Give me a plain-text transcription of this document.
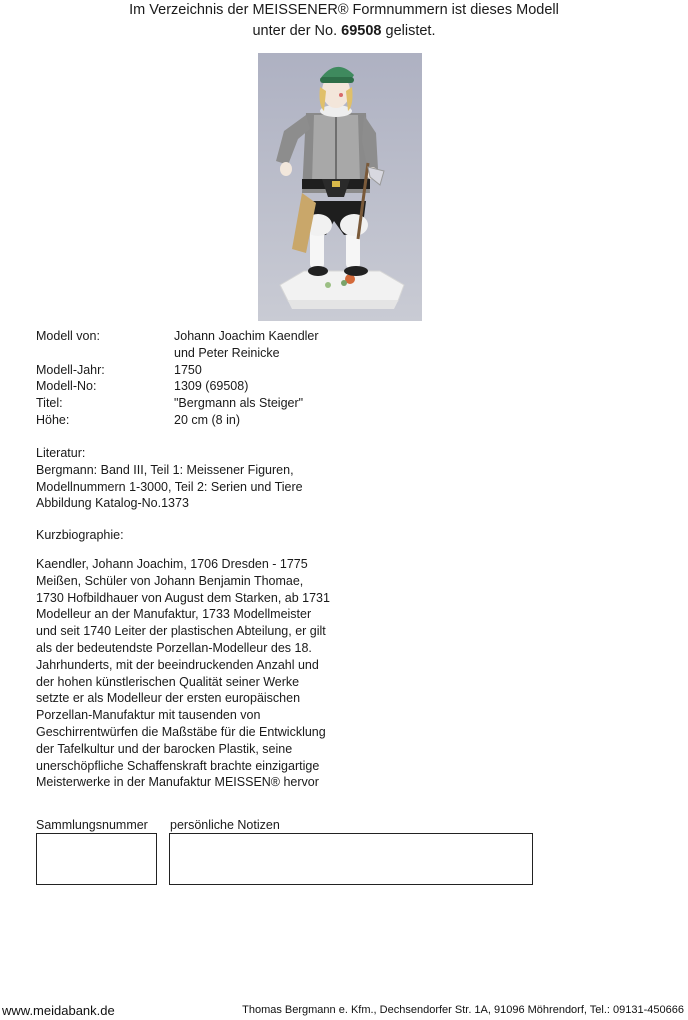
Im Verzeichnis der MEISSENER® Formnummern ist dieses Modell
unter der No. 69508 gelistet.
Modell von:	Johann Joachim Kaendler
und Peter Reinicke
Modell-Jahr:	1750
Modell-No:	1309 (69508)
Titel:	"Bergmann als Steiger"
Höhe:	20 cm (8 in)
Literatur:
Bergmann: Band III, Teil 1: Meissener Figuren,
Modellnummern 1-3000, Teil 2: Serien und Tiere
Abbildung Katalog-No.1373
Kurzbiographie:

Kaendler, Johann Joachim, 1706 Dresden - 1775

Meißen, Schüler von Johann Benjamin Thomae,

1730 Hofbildhauer von August dem Starken, ab 1731

Modelleur an der Manufaktur, 1733 Modellmeister

und seit 1740 Leiter der plastischen Abteilung, er gilt

als der bedeutendste Porzellan-Modelleur des 18.

Jahrhunderts, mit der beeindruckenden Anzahl und

der hohen künstlerischen Qualität seiner Werke

setzte er als Modelleur der ersten europäischen

Porzellan-Manufaktur mit tausenden von

Geschirrentwürfen die Maßstäbe für die Entwicklung

der Tafelkultur und der barocken Plastik, seine

unerschöpfliche Schaffenskraft brachte einzigartige

Meisterwerke in der Manufaktur MEISSEN® hervor

Sammlungsnummer persönliche Notizen
www.meidabank.de	Thomas Bergmann e. Kfm., Dechsendorfer Str. 1A, 91096 Möhrendorf, Tel.: 09131-450666
